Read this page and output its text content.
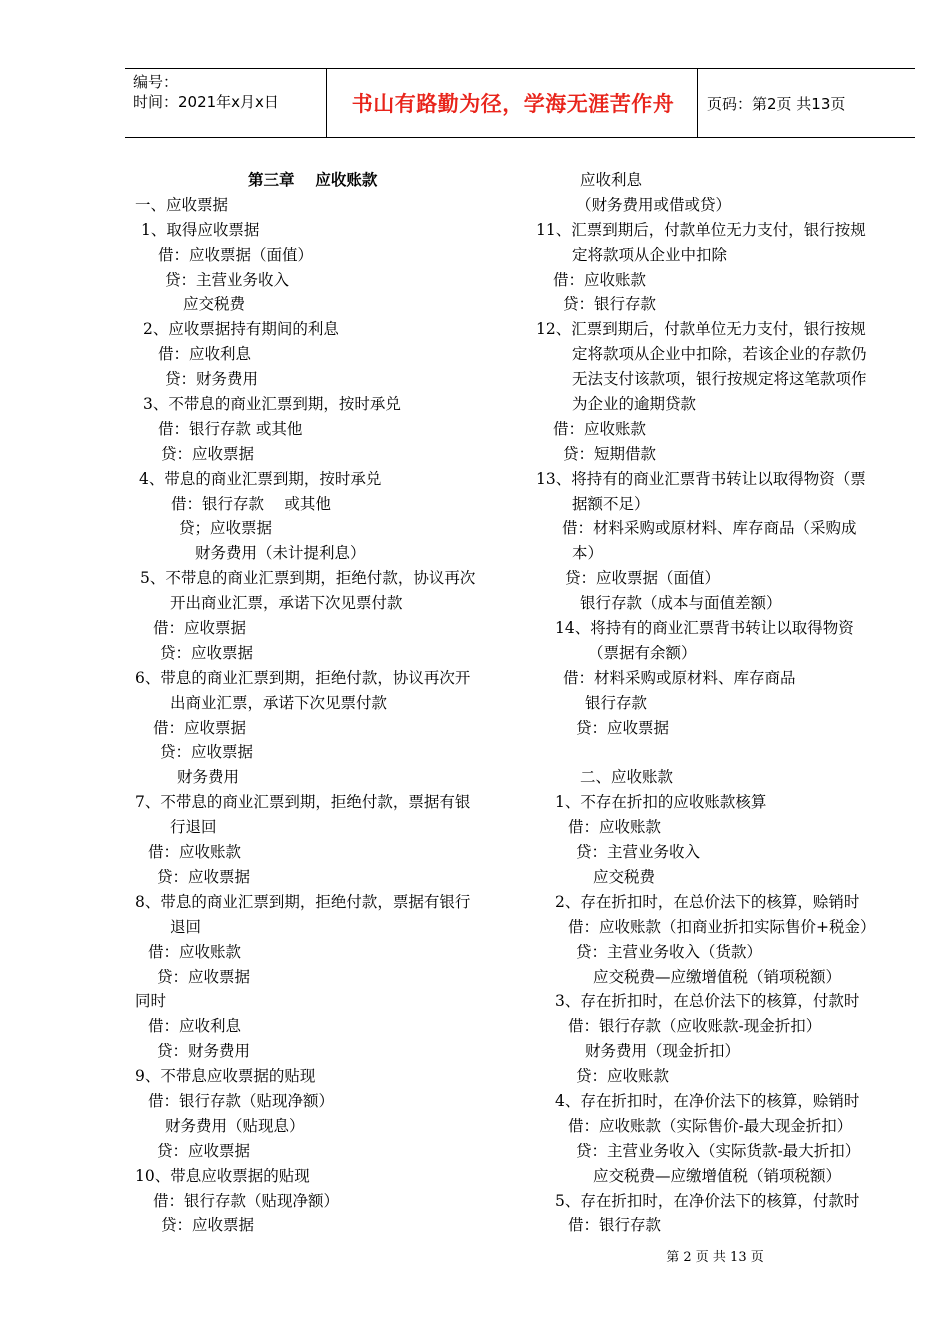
编号：
时间：2021年x月x日	书山有路勤为径，学海无涯苦作舟	页码：第2页 共13页
第三章　 应收账款
一、应收票据
1、取得应收票据
借：应收票据（面值）
贷：主营业务收入
应交税费
2、应收票据持有期间的利息
借：应收利息
贷：财务费用
3、不带息的商业汇票到期，按时承兑
借：银行存款 或其他
贷：应收票据
4、带息的商业汇票到期，按时承兑
借：银行存款　 或其他
贷；应收票据
财务费用（未计提利息）
5、不带息的商业汇票到期，拒绝付款，协议再次
开出商业汇票，承诺下次见票付款
借：应收票据
贷：应收票据
6、带息的商业汇票到期，拒绝付款，协议再次开
出商业汇票，承诺下次见票付款
借：应收票据
贷：应收票据
财务费用
7、不带息的商业汇票到期，拒绝付款，票据有银
行退回
借：应收账款
贷：应收票据
8、带息的商业汇票到期，拒绝付款，票据有银行
退回
借：应收账款
贷：应收票据
同时
借：应收利息
贷：财务费用
9、不带息应收票据的贴现
借：银行存款（贴现净额）
财务费用（贴现息）
贷：应收票据
10、带息应收票据的贴现
借：银行存款（贴现净额）
贷：应收票据
应收利息
（财务费用或借或贷）
11、汇票到期后，付款单位无力支付，银行按规
定将款项从企业中扣除
借：应收账款
贷：银行存款
12、汇票到期后，付款单位无力支付，银行按规
定将款项从企业中扣除，若该企业的存款仍
无法支付该款项，银行按规定将这笔款项作
为企业的逾期贷款
借：应收账款
贷：短期借款
13、将持有的商业汇票背书转让以取得物资（票
据额不足）
借：材料采购或原材料、库存商品（采购成
本）
贷：应收票据（面值）
银行存款（成本与面值差额）
14、将持有的商业汇票背书转让以取得物资
（票据有余额）
借：材料采购或原材料、库存商品
银行存款
贷：应收票据
二、应收账款
1、不存在折扣的应收账款核算
借：应收账款
贷：主营业务收入
应交税费
2、存在折扣时，在总价法下的核算，赊销时
借：应收账款（扣商业折扣实际售价+税金）
贷：主营业务收入（货款）
应交税费—应缴增值税（销项税额）
3、存在折扣时，在总价法下的核算，付款时
借：银行存款（应收账款-现金折扣）
财务费用（现金折扣）
贷：应收账款
4、存在折扣时，在净价法下的核算，赊销时
借：应收账款（实际售价-最大现金折扣）
贷：主营业务收入（实际货款-最大折扣）
应交税费—应缴增值税（销项税额）
5、存在折扣时，在净价法下的核算，付款时
借：银行存款
第 2 页 共 13 页
